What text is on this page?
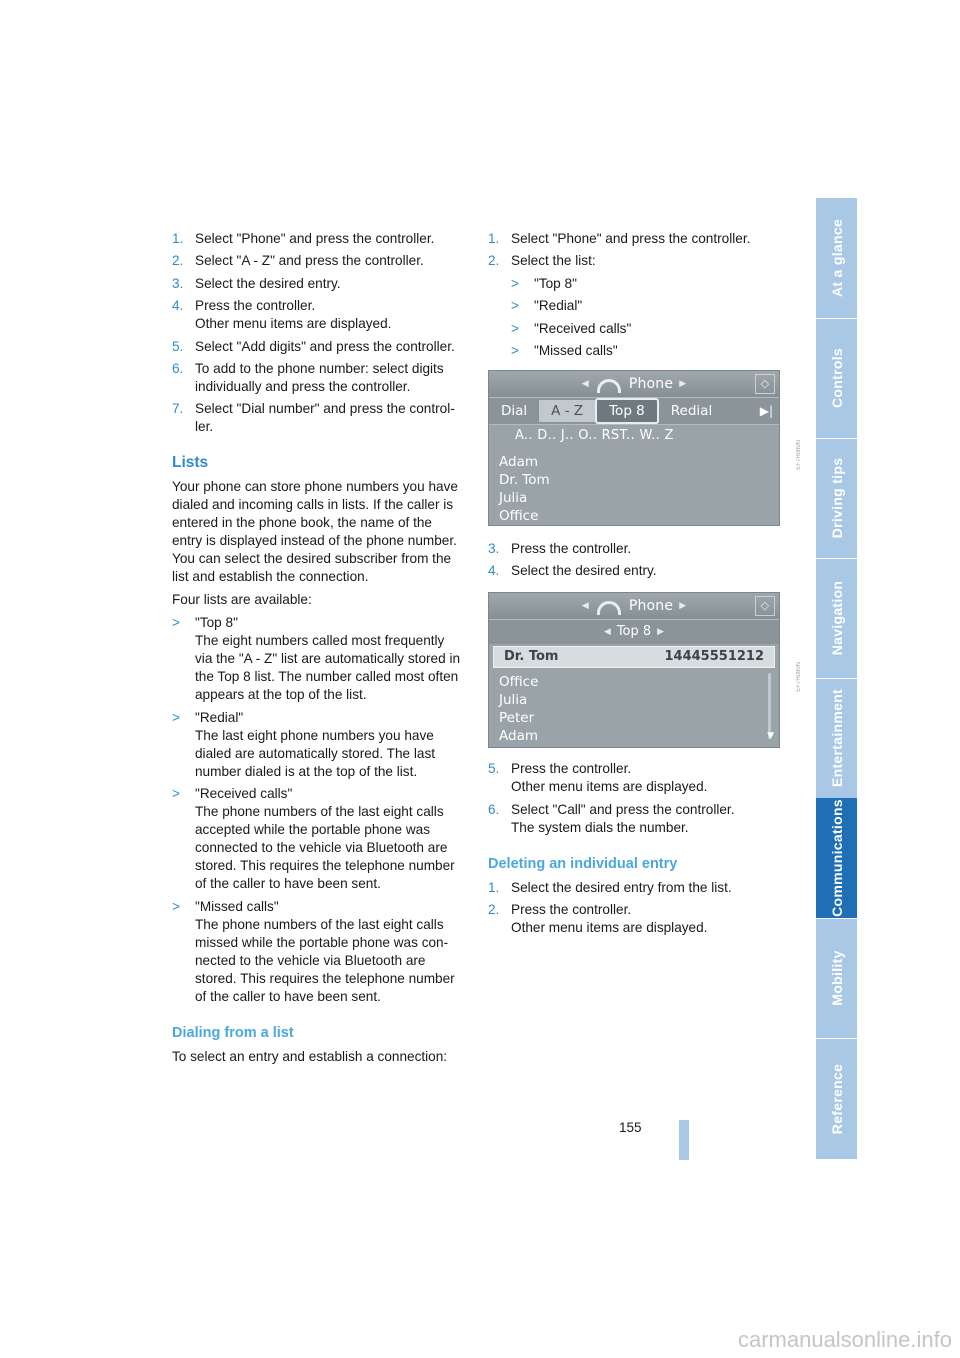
1. Select "Phone" and press the controller.
2. Select "A - Z" and press the controller.
3. Select the desired entry.
4. Press the controller.
Other menu items are displayed.
5. Select "Add digits" and press the controller.
6. To add to the phone number: select digits individually and press the controller.
7. Select "Dial number" and press the control-ler.
Lists

Your phone can store phone numbers you have dialed and incoming calls in lists. If the caller is entered in the phone book, the name of the entry is displayed instead of the phone number. You can select the desired subscriber from the list and establish the connection.

Four lists are available:

> "Top 8"
The eight numbers called most frequently via the "A - Z" list are automatically stored in the Top 8 list. The number called most often appears at the top of the list.
> "Redial"
The last eight phone numbers you have dialed are automatically stored. The last number dialed is at the top of the list.
> "Received calls"
The phone numbers of the last eight calls accepted while the portable phone was connected to the vehicle via Bluetooth are stored. This requires the telephone number of the caller to have been sent.
> "Missed calls"
The phone numbers of the last eight calls missed while the portable phone was con-nected to the vehicle via Bluetooth are stored. This requires the telephone number of the caller to have been sent.
Dialing from a list

To select an entry and establish a connection:

1. Select "Phone" and press the controller.
2. Select the list:
> "Top 8"
> "Redial"
> "Received calls"
> "Missed calls"
◀	Phone ▶	◇
Dial	A - Z	Top 8	Redial	▶|
A.. D.. J.. O.. RST.. W.. Z
Adam
Dr. Tom
Julia
Office
EF7H080N
3. Press the controller.
4. Select the desired entry.
◀	Phone ▶	◇
◀ Top 8 ▶
Dr. Tom	14445551212
Office
Julia
Peter
Adam	▼
EF7H080N
5. Press the controller.
Other menu items are displayed.
6. Select "Call" and press the controller.
The system dials the number.
Deleting an individual entry
1. Select the desired entry from the list.
2. Press the controller.
Other menu items are displayed.
At a glance
Controls
Driving tips
Navigation
Entertainment
Communications
Mobility
Reference
155
carmanualsonline.info
